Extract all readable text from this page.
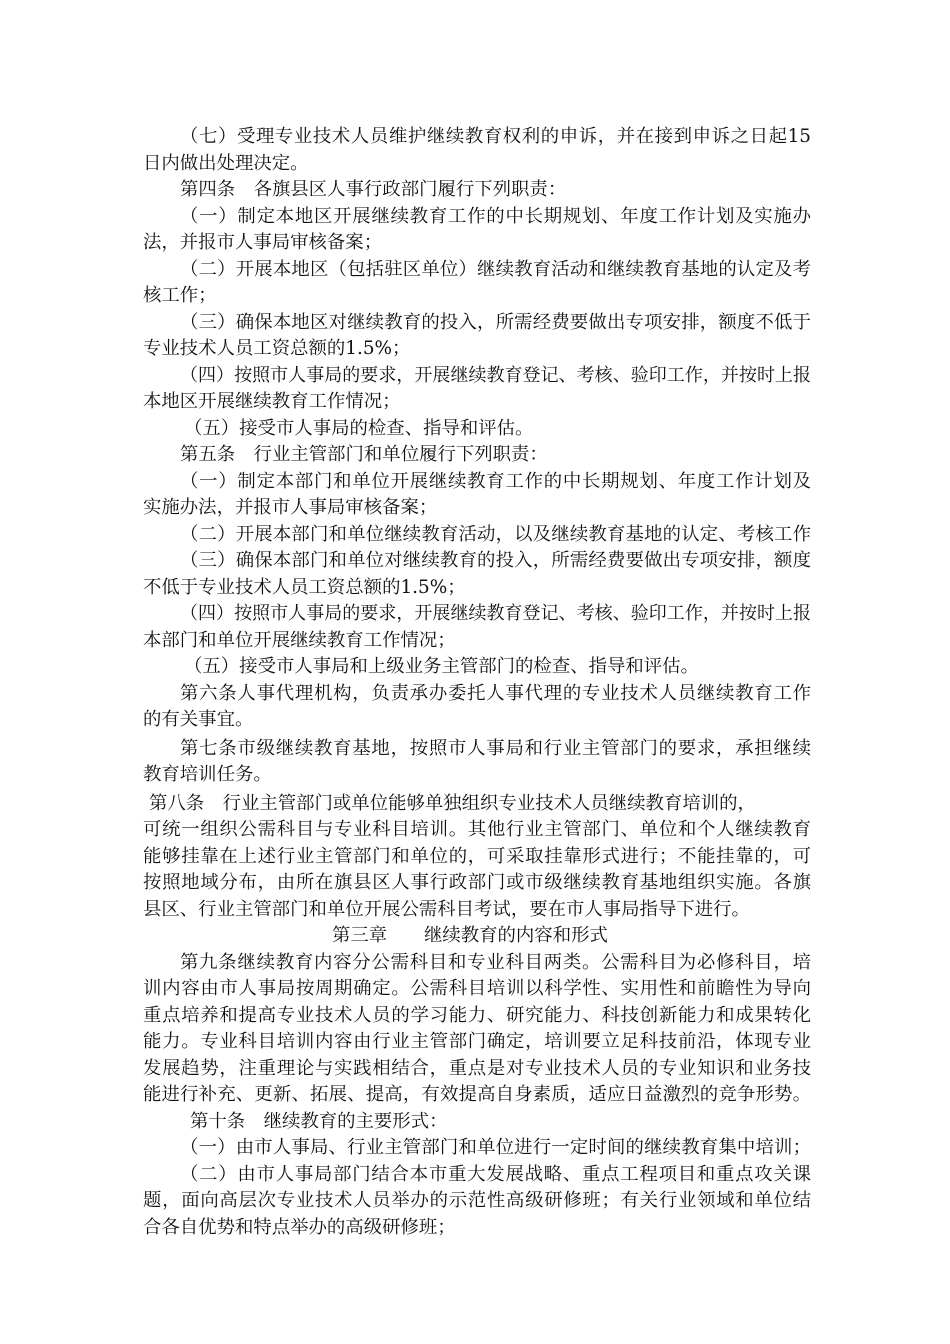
（七）受理专业技术人员维护继续教育权利的申诉，并在接到申诉之日起15
日内做出处理决定。
第四条　各旗县区人事行政部门履行下列职责：
（一）制定本地区开展继续教育工作的中长期规划、年度工作计划及实施办
法，并报市人事局审核备案；
（二）开展本地区（包括驻区单位）继续教育活动和继续教育基地的认定及考
核工作；
（三）确保本地区对继续教育的投入，所需经费要做出专项安排，额度不低于
专业技术人员工资总额的1.5%；
（四）按照市人事局的要求，开展继续教育登记、考核、验印工作，并按时上报
本地区开展继续教育工作情况；
（五）接受市人事局的检查、指导和评估。
第五条　行业主管部门和单位履行下列职责：
（一）制定本部门和单位开展继续教育工作的中长期规划、年度工作计划及
实施办法，并报市人事局审核备案；
（二）开展本部门和单位继续教育活动，以及继续教育基地的认定、考核工作
（三）确保本部门和单位对继续教育的投入，所需经费要做出专项安排，额度
不低于专业技术人员工资总额的1.5%；
（四）按照市人事局的要求，开展继续教育登记、考核、验印工作，并按时上报
本部门和单位开展继续教育工作情况；
（五）接受市人事局和上级业务主管部门的检查、指导和评估。
第六条人事代理机构，负责承办委托人事代理的专业技术人员继续教育工作
的有关事宜。
第七条市级继续教育基地，按照市人事局和行业主管部门的要求，承担继续
教育培训任务。
第八条　行业主管部门或单位能够单独组织专业技术人员继续教育培训的，
可统一组织公需科目与专业科目培训。其他行业主管部门、单位和个人继续教育
能够挂靠在上述行业主管部门和单位的，可采取挂靠形式进行；不能挂靠的，可
按照地域分布，由所在旗县区人事行政部门或市级继续教育基地组织实施。各旗
县区、行业主管部门和单位开展公需科目考试，要在市人事局指导下进行。
第三章　　继续教育的内容和形式
第九条继续教育内容分公需科目和专业科目两类。公需科目为必修科目，培
训内容由市人事局按周期确定。公需科目培训以科学性、实用性和前瞻性为导向
重点培养和提高专业技术人员的学习能力、研究能力、科技创新能力和成果转化
能力。专业科目培训内容由行业主管部门确定，培训要立足科技前沿，体现专业
发展趋势，注重理论与实践相结合，重点是对专业技术人员的专业知识和业务技
能进行补充、更新、拓展、提高，有效提高自身素质，适应日益激烈的竞争形势。
第十条　继续教育的主要形式：
（一）由市人事局、行业主管部门和单位进行一定时间的继续教育集中培训；
（二）由市人事局部门结合本市重大发展战略、重点工程项目和重点攻关课
题，面向高层次专业技术人员举办的示范性高级研修班；有关行业领域和单位结
合各自优势和特点举办的高级研修班；
